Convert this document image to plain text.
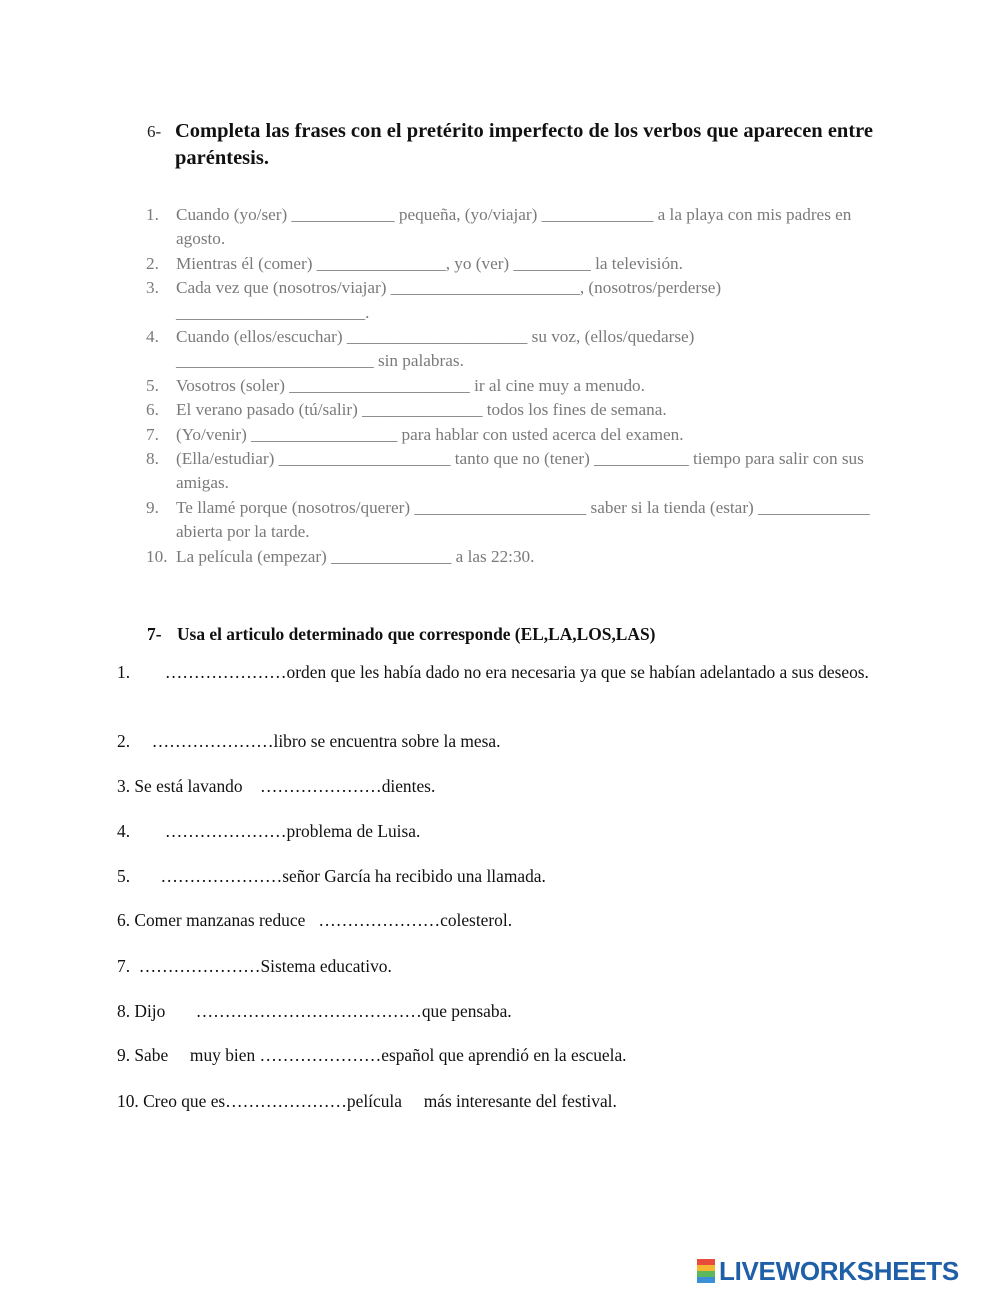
6- Completa las frases con el pretérito imperfecto de los verbos que aparecen entre paréntesis.
1. Cuando (yo/ser) ____________ pequeña, (yo/viajar) _____________ a la playa con mis padres en agosto.
2. Mientras él (comer) _______________, yo (ver) _________ la televisión.
3. Cada vez que (nosotros/viajar) ______________________, (nosotros/perderse) ______________________.
4. Cuando (ellos/escuchar) _____________________ su voz, (ellos/quedarse) _______________________ sin palabras.
5. Vosotros (soler) _____________________ ir al cine muy a menudo.
6. El verano pasado (tú/salir) ______________ todos los fines de semana.
7. (Yo/venir) _________________ para hablar con usted acerca del examen.
8. (Ella/estudiar) ____________________ tanto que no (tener) ___________ tiempo para salir con sus amigas.
9. Te llamé porque (nosotros/querer) ____________________ saber si la tienda (estar) _____________ abierta por la tarde.
10. La película (empezar) ______________ a las 22:30.
7- Usa el articulo determinado que corresponde (EL,LA,LOS,LAS)
1.        …………………orden que les había dado no era necesaria ya que se habían adelantado a sus deseos.
2.     …………………libro se encuentra sobre la mesa.
3. Se está lavando    …………………dientes.
4.        …………………problema de Luisa.
5.       …………………señor García ha recibido una llamada.
6. Comer manzanas reduce   …………………colesterol.
7.  …………………Sistema educativo.
8. Dijo       …………………………………que pensaba.
9. Sabe     muy bien …………………español que aprendió en la escuela.
10. Creo que es…………………película     más interesante del festival.
LIVEWORKSHEETS
